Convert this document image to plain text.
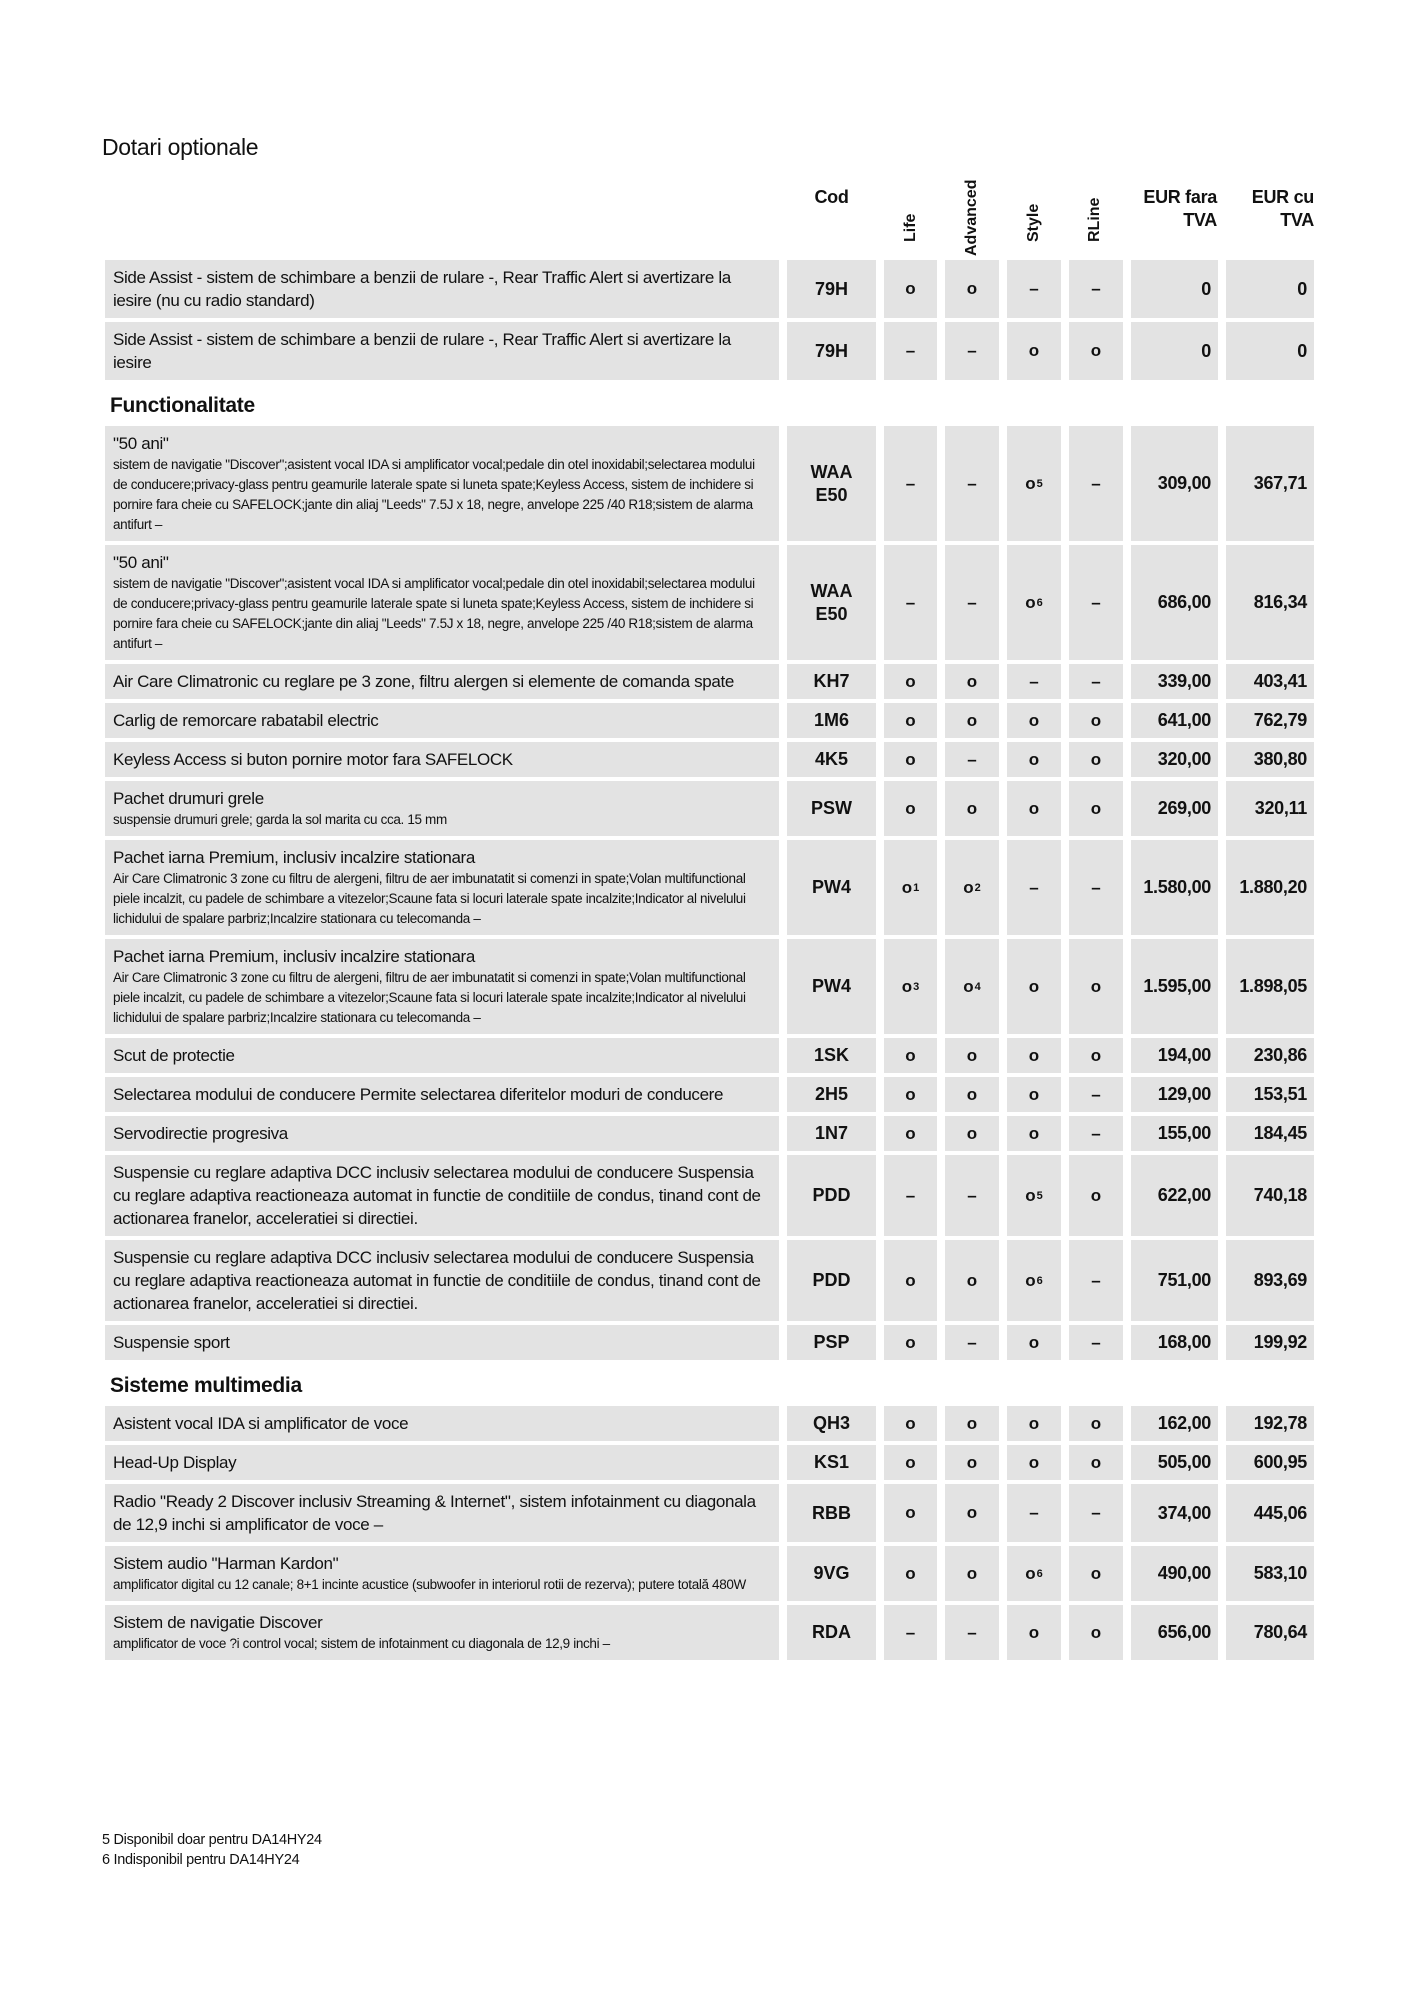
Dotari optionale
Cod
Life	Advanced	Style	RLine
EUR fara TVA
EUR cu TVA
Side Assist - sistem de schimbare a benzii de rulare -, Rear Traffic Alert si avertizare la iesire (nu cu radio standard)
79H	o	o	–	–	0	0
Side Assist - sistem de schimbare a benzii de rulare -, Rear Traffic Alert si avertizare la iesire
79H	–	–	o	o	0	0
Functionalitate
"50 ani"
sistem de navigatie "Discover";asistent vocal IDA si amplificator vocal;pedale din otel inoxidabil;selectarea modului de conducere;privacy-glass pentru geamurile laterale spate si luneta spate;Keyless Access, sistem de inchidere si pornire fara cheie cu SAFELOCK;jante din aliaj "Leeds" 7.5J x 18, negre, anvelope 225 /40 R18;sistem de alarma antifurt –
WAA E50
–	–	o 5	–	309,00 367,71
"50 ani"
sistem de navigatie "Discover";asistent vocal IDA si amplificator vocal;pedale din otel inoxidabil;selectarea modului de conducere;privacy-glass pentru geamurile laterale spate si luneta spate;Keyless Access, sistem de inchidere si pornire fara cheie cu SAFELOCK;jante din aliaj "Leeds" 7.5J x 18, negre, anvelope 225 /40 R18;sistem de alarma antifurt –
WAA E50
–	–	o 6	–	686,00 816,34
Air Care Climatronic cu reglare pe 3 zone, filtru alergen si elemente de comanda spate	KH7	o	o	–	–	339,00 403,41
Carlig de remorcare rabatabil electric	1M6	o	o	o	o	641,00 762,79
Keyless Access si buton pornire motor fara SAFELOCK	4K5	o	–	o	o	320,00 380,80
Pachet drumuri grele
suspensie drumuri grele; garda la sol marita cu cca. 15 mm
PSW	o	o	o	o	269,00 320,11
Pachet iarna Premium, inclusiv incalzire stationara
Air Care Climatronic 3 zone cu filtru de alergeni, filtru de aer imbunatatit si comenzi in spate;Volan multifunctional piele incalzit, cu padele de schimbare a vitezelor;Scaune fata si locuri laterale spate incalzite;Indicator al nivelului lichidului de spalare parbriz;Incalzire stationara cu telecomanda –
PW4	o 1	o 2	–	– 1.580,00 1.880,20
Pachet iarna Premium, inclusiv incalzire stationara
Air Care Climatronic 3 zone cu filtru de alergeni, filtru de aer imbunatatit si comenzi in spate;Volan multifunctional piele incalzit, cu padele de schimbare a vitezelor;Scaune fata si locuri laterale spate incalzite;Indicator al nivelului lichidului de spalare parbriz;Incalzire stationara cu telecomanda –
PW4	o 3	o 4	o	o 1.595,00 1.898,05
Scut de protectie	1SK	o	o	o	o	194,00 230,86
Selectarea modului de conducere Permite selectarea diferitelor moduri de conducere	2H5	o	o	o	–	129,00 153,51
Servodirectie progresiva	1N7	o	o	o	–	155,00 184,45
Suspensie cu reglare adaptiva DCC inclusiv selectarea modului de conducere Suspensia cu reglare adaptiva reactioneaza automat in functie de conditiile de condus, tinand cont de actionarea franelor, acceleratiei si directiei.
PDD	–	–	o 5	o	622,00 740,18
Suspensie cu reglare adaptiva DCC inclusiv selectarea modului de conducere Suspensia cu reglare adaptiva reactioneaza automat in functie de conditiile de condus, tinand cont de actionarea franelor, acceleratiei si directiei.
PDD	o	o	o 6	–	751,00 893,69
Suspensie sport	PSP	o	–	o	–	168,00 199,92
Sisteme multimedia
Asistent vocal IDA si amplificator de voce	QH3	o	o	o	o	162,00 192,78
Head-Up Display	KS1	o	o	o	o	505,00 600,95
Radio "Ready 2 Discover inclusiv Streaming & Internet", sistem infotainment cu diagonala de 12,9 inchi si amplificator de voce –
RBB	o	o	–	–	374,00 445,06
Sistem audio "Harman Kardon"
amplificator digital cu 12 canale; 8+1 incinte acustice (subwoofer in interiorul rotii de rezerva); putere totală 480W
9VG	o	o	o 6	o	490,00 583,10
Sistem de navigatie Discover
amplificator de voce ?i control vocal; sistem de infotainment cu diagonala de 12,9 inchi –
RDA	–	–	o	o	656,00 780,64
5 Disponibil doar pentru DA14HY24
6 Indisponibil pentru DA14HY24
